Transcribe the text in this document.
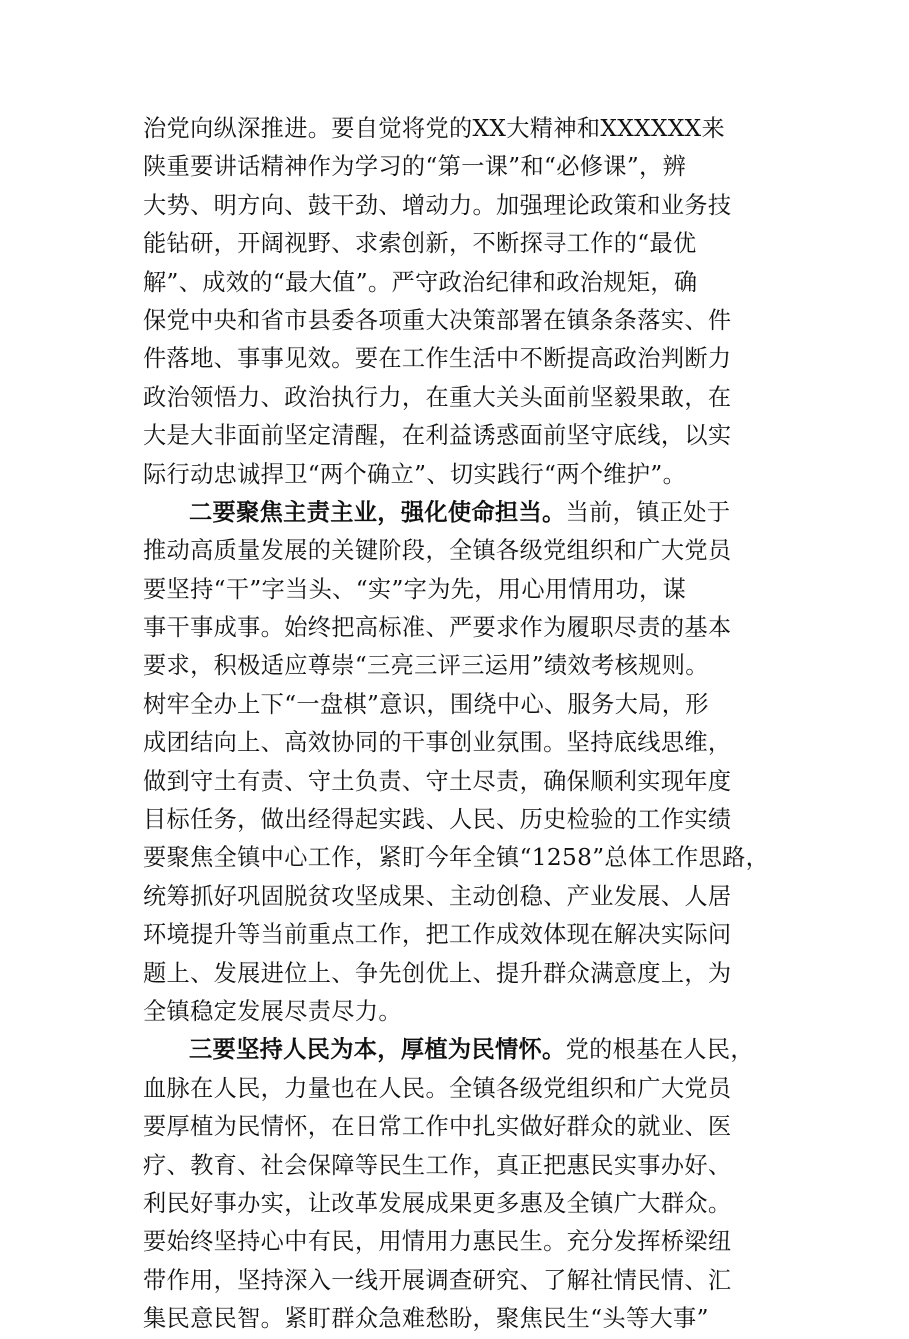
治党向纵深推进。要自觉将党的XX大精神和XXXXXX来
陕重要讲话精神作为学习的“第一课”和“必修课”，辨
大势、明方向、鼓干劲、增动力。加强理论政策和业务技
能钻研，开阔视野、求索创新，不断探寻工作的“最优
解”、成效的“最大值”。严守政治纪律和政治规矩，确
保党中央和省市县委各项重大决策部署在镇条条落实、件
件落地、事事见效。要在工作生活中不断提高政治判断力
政治领悟力、政治执行力，在重大关头面前坚毅果敢，在
大是大非面前坚定清醒，在利益诱惑面前坚守底线，以实
际行动忠诚捍卫“两个确立”、切实践行“两个维护”。
二要聚焦主责主业，强化使命担当。当前，镇正处于
推动高质量发展的关键阶段，全镇各级党组织和广大党员
要坚持“干”字当头、“实”字为先，用心用情用功，谋
事干事成事。始终把高标准、严要求作为履职尽责的基本
要求，积极适应尊崇“三亮三评三运用”绩效考核规则。
树牢全办上下“一盘棋”意识，围绕中心、服务大局，形
成团结向上、高效协同的干事创业氛围。坚持底线思维，
做到守土有责、守土负责、守土尽责，确保顺利实现年度
目标任务，做出经得起实践、人民、历史检验的工作实绩
要聚焦全镇中心工作，紧盯今年全镇“1258”总体工作思路，
统筹抓好巩固脱贫攻坚成果、主动创稳、产业发展、人居
环境提升等当前重点工作，把工作成效体现在解决实际问
题上、发展进位上、争先创优上、提升群众满意度上，为
全镇稳定发展尽责尽力。
三要坚持人民为本，厚植为民情怀。党的根基在人民，
血脉在人民，力量也在人民。全镇各级党组织和广大党员
要厚植为民情怀，在日常工作中扎实做好群众的就业、医
疗、教育、社会保障等民生工作，真正把惠民实事办好、
利民好事办实，让改革发展成果更多惠及全镇广大群众。
要始终坚持心中有民，用情用力惠民生。充分发挥桥梁纽
带作用，坚持深入一线开展调查研究、了解社情民情、汇
集民意民智。紧盯群众急难愁盼，聚焦民生“头等大事”
